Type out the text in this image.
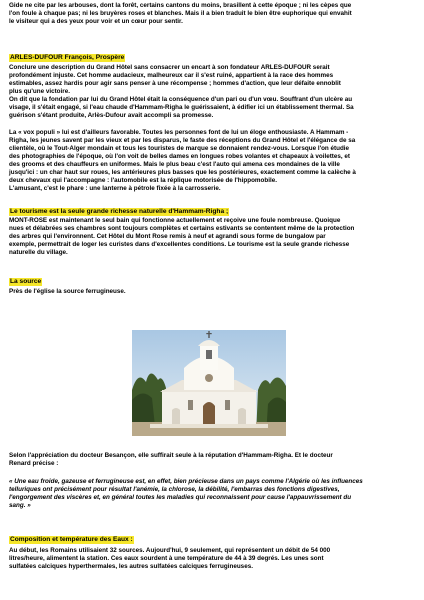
Gide ne cite par les arbouses, dont la forêt, certains cantons du moins, brasillent à cette époque ; ni les cèpes que

l'on foule à chaque pas; ni les bruyères roses et blanches. Mais il a bien traduit le bien être euphorique qui envahit

le visiteur qui a des yeux pour voir et un cœur pour sentir.

ARLES-DUFOUR François, Prospère

Conclure une description du Grand Hôtel sans consacrer un encart à son fondateur ARLES-DUFOUR serait

profondément injuste. Cet homme audacieux, malheureux car il s'est ruiné, appartient à la race des hommes

estimables, assez hardis pour agir sans penser à une récompense ; hommes d'action, que leur défaite ennoblit

plus qu'une victoire.

On dit que la fondation par lui du Grand Hôtel était la conséquence d'un pari ou d'un vœu. Souffrant d'un ulcère au

visage, il s'était engagé, si l'eau chaude d'Hammam-Righa le guérissaient, à édifier ici un établissement thermal. Sa

guérison s'étant produite, Arlès-Dufour avait accompli sa promesse.

La « vox populi » lui est d'ailleurs favorable. Toutes les personnes font de lui un éloge enthousiaste. A Hammam -

Righa, les jeunes savent par les vieux et par les disparus, le faste des réceptions du Grand Hôtel et l'élégance de sa

clientèle, où le Tout-Alger mondain et tous les touristes de marque se donnaient rendez-vous. Lorsque l'on étudie

des photographies de l'époque, où l'on voit de belles dames en longues robes volantes et chapeaux à voilettes, et

des grooms et des chauffeurs en uniformes. Mais le plus beau c'est l'auto qui amena ces mondaines de la ville

jusqu'ici : un char haut sur roues, les antérieures plus basses que les postérieures, exactement comme la calèche à

deux chevaux qui l'accompagne : l'automobile est la réplique motorisée de l'hippomobile.

L'amusant, c'est le phare : une lanterne à pétrole fixée à la carrosserie.

Le tourisme est la seule grande richesse naturelle d'Hammam-Righa ;

MONT-ROSE est maintenant le seul bain qui fonctionne actuellement et reçoive une foule nombreuse. Quoique

nues et délabrées ses chambres sont toujours complètes et certains estivants se contentent même de la protection

des arbres qui l'environnent. Cet Hôtel du Mont Rose remis à neuf et agrandi sous forme de bungalow par

exemple, permettrait de loger les curistes dans d'excellentes conditions. Le tourisme est la seule grande richesse

naturelle du village.

La source

Près de l'église la source ferrugineuse.

Selon l'appréciation du docteur Besançon, elle suffirait seule à la réputation d'Hammam-Righa. Et le docteur

Renard précise :

« Une eau froide, gazeuse et ferrugineuse est, en effet, bien précieuse dans un pays comme l'Algérie où les influences

telluriques ont précisément pour résultat l'anémie, la chlorose, la débilité, l'embarras des fonctions digestives,

l'engorgement des viscères et, en général toutes les maladies qui reconnaissent pour cause l'appauvrissement du

sang. »

Composition et température des Eaux :

Au début, les Romains utilisaient 32 sources. Aujourd'hui, 9 seulement, qui représentent un débit de 54 000

litres/heure, alimentent la station. Ces eaux sourdent à une température de 44 à 39 degrés. Les unes sont

sulfatées calciques hyperthermales, les autres sulfatées calciques ferrugineuses.
